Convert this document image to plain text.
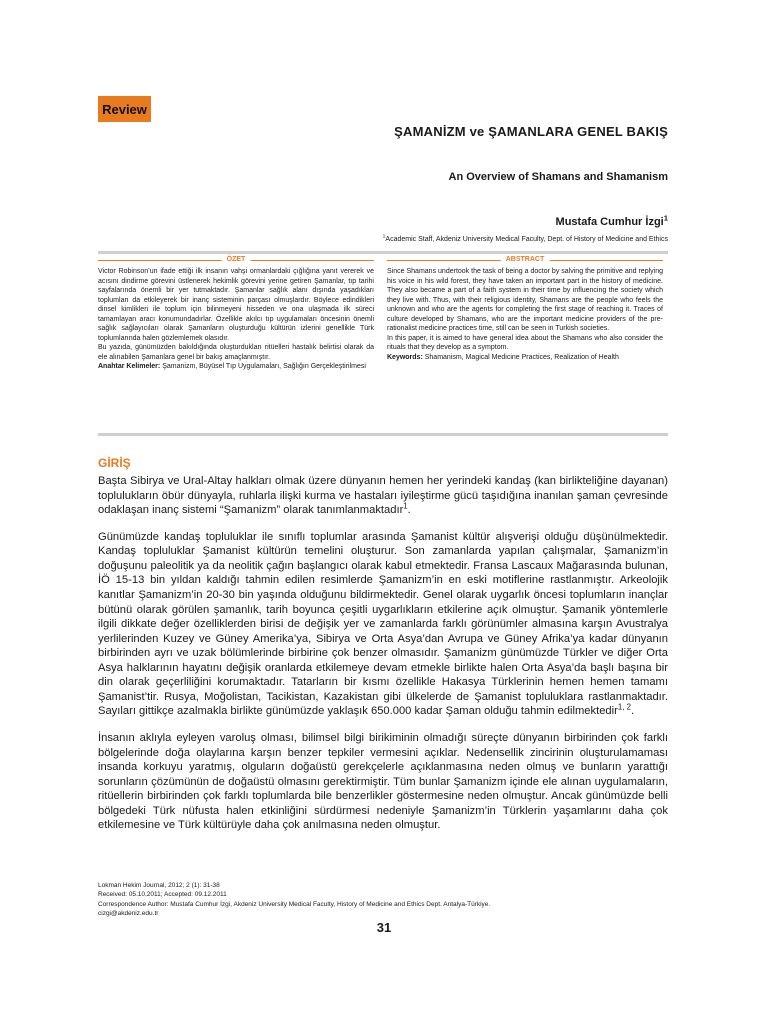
Review
ŞAMANİZM ve ŞAMANLARA GENEL BAKIŞ
An Overview of Shamans and Shamanism
Mustafa Cumhur İzgi$^1$
$^1$Academic Staff, Akdeniz University Medical Faculty, Dept. of History of Medicine and Ethics
ÖZET

Victor Robinson’un ifade ettiği ilk insanın vahşi ormanlardaki çığlığına yanıt vererek ve acısını dindirme görevini üstlenerek hekimlik görevini yerine getiren Şamanlar, tıp tarihi sayfalarında önemli bir yer tutmaktadır. Şamanlar sağlık alanı dışında yaşadıkları toplumları da etkileyerek bir inanç sisteminin parçası olmuşlardır. Böylece edindikleri dinsel kimlikleri ile toplum için bilinmeyeni hisseden ve ona ulaşmada ilk süreci tamamlayan aracı konumundadırlar. Özellikle akılcı tıp uygulamaları öncesinin önemli sağlık sağlayıcıları olarak Şamanların oluşturduğu kültürün izlerini genellikle Türk toplumlarında halen gözlemlemek olasıdır.

Bu yazıda, günümüzden bakıldığında oluşturdukları ritüelleri hastalık belirtisi olarak da ele alınabilen Şamanlara genel bir bakış amaçlanmıştır.

Anahtar Kelimeler: Şamanizm, Büyüsel Tıp Uygulamaları, Sağlığın Gerçekleştirilmesi

ABSTRACT

Since Shamans undertook the task of being a doctor by salving the primitive and replying his voice in his wild forest, they have taken an important part in the history of medicine. They also became a part of a faith system in their time by influencing the society which they live with. Thus, with their religious identity, Shamans are the people who feels the unknown and who are the agents for completing the first stage of reaching it. Traces of culture developed by Shamans, who are the important medicine providers of the pre-rationalist medicine practices time, still can be seen in Turkish societies.

In this paper, it is aimed to have general idea about the Shamans who also consider the rituals that they develop as a symptom.

Keywords: Shamanism, Magical Medicine Practices, Realization of Health

GİRİŞ

Başta Sibirya ve Ural-Altay halkları olmak üzere dünyanın hemen her yerindeki kandaş (kan birlikteliğine dayanan) toplulukların öbür dünyayla, ruhlarla ilişki kurma ve hastaları iyileştirme gücü taşıdığına inanılan şaman çevresinde odaklaşan inanç sistemi “Şamanizm” olarak tanımlanmaktadır$^1$.

Günümüzde kandaş topluluklar ile sınıflı toplumlar arasında Şamanist kültür alışverişi olduğu düşünülmektedir. Kandaş topluluklar Şamanist kültürün temelini oluşturur. Son zamanlarda yapılan çalışmalar, Şamanizm’in doğuşunu paleolitik ya da neolitik çağın başlangıcı olarak kabul etmektedir. Fransa Lascaux Mağarasında bulunan, İÖ 15-13 bin yıldan kaldığı tahmin edilen resimlerde Şamanizm’in en eski motiflerine rastlanmıştır. Arkeolojik kanıtlar Şamanizm’in 20-30 bin yaşında olduğunu bildirmektedir. Genel olarak uygarlık öncesi toplumların inançlar bütünü olarak görülen şamanlık, tarih boyunca çeşitli uygarlıkların etkilerine açık olmuştur. Şamanik yöntemlerle ilgili dikkate değer özelliklerden birisi de değişik yer ve zamanlarda farklı görünümler almasına karşın Avustralya yerlilerinden Kuzey ve Güney Amerika’ya, Sibirya ve Orta Asya’dan Avrupa ve Güney Afrika’ya kadar dünyanın birbirinden ayrı ve uzak bölümlerinde birbirine çok benzer olmasıdır. Şamanizm günümüzde Türkler ve diğer Orta Asya halklarının hayatını değişik oranlarda etkilemeye devam etmekle birlikte halen Orta Asya’da başlı başına bir din olarak geçerliliğini korumaktadır. Tatarların bir kısmı özellikle Hakasya Türklerinin hemen hemen tamamı Şamanist’tir. Rusya, Moğolistan, Tacikistan, Kazakistan gibi ülkelerde de Şamanist topluluklara rastlanmaktadır. Sayıları gittikçe azalmakla birlikte günümüzde yaklaşık 650.000 kadar Şaman olduğu tahmin edilmektedir$^{1, 2}$.

İnsanın aklıyla eyleyen varoluş olması, bilimsel bilgi birikiminin olmadığı süreçte dünyanın birbirinden çok farklı bölgelerinde doğa olaylarına karşın benzer tepkiler vermesini açıklar. Nedensellik zincirinin oluşturulamaması insanda korkuyu yaratmış, olguların doğaüstü gerekçelerle açıklanmasına neden olmuş ve bunların yarattığı sorunların çözümünün de doğaüstü olmasını gerektirmiştir. Tüm bunlar Şamanizm içinde ele alınan uygulamaların, ritüellerin birbirinden çok farklı toplumlarda bile benzerlikler göstermesine neden olmuştur. Ancak günümüzde belli bölgedeki Türk nüfusta halen etkinliğini sürdürmesi nedeniyle Şamanizm’in Türklerin yaşamlarını daha çok etkilemesine ve Türk kültürüyle daha çok anılmasına neden olmuştur.

Lokman Hekim Journal, 2012; 2 (1): 31-38
Received: 05.10.2011; Accepted: 09.12.2011
Correspondence Author: Mustafa Cumhur İzgi, Akdeniz University Medical Faculty, History of Medicine and Ethics Dept. Antalya-Türkiye.
cizgi@akdeniz.edu.tr
31
